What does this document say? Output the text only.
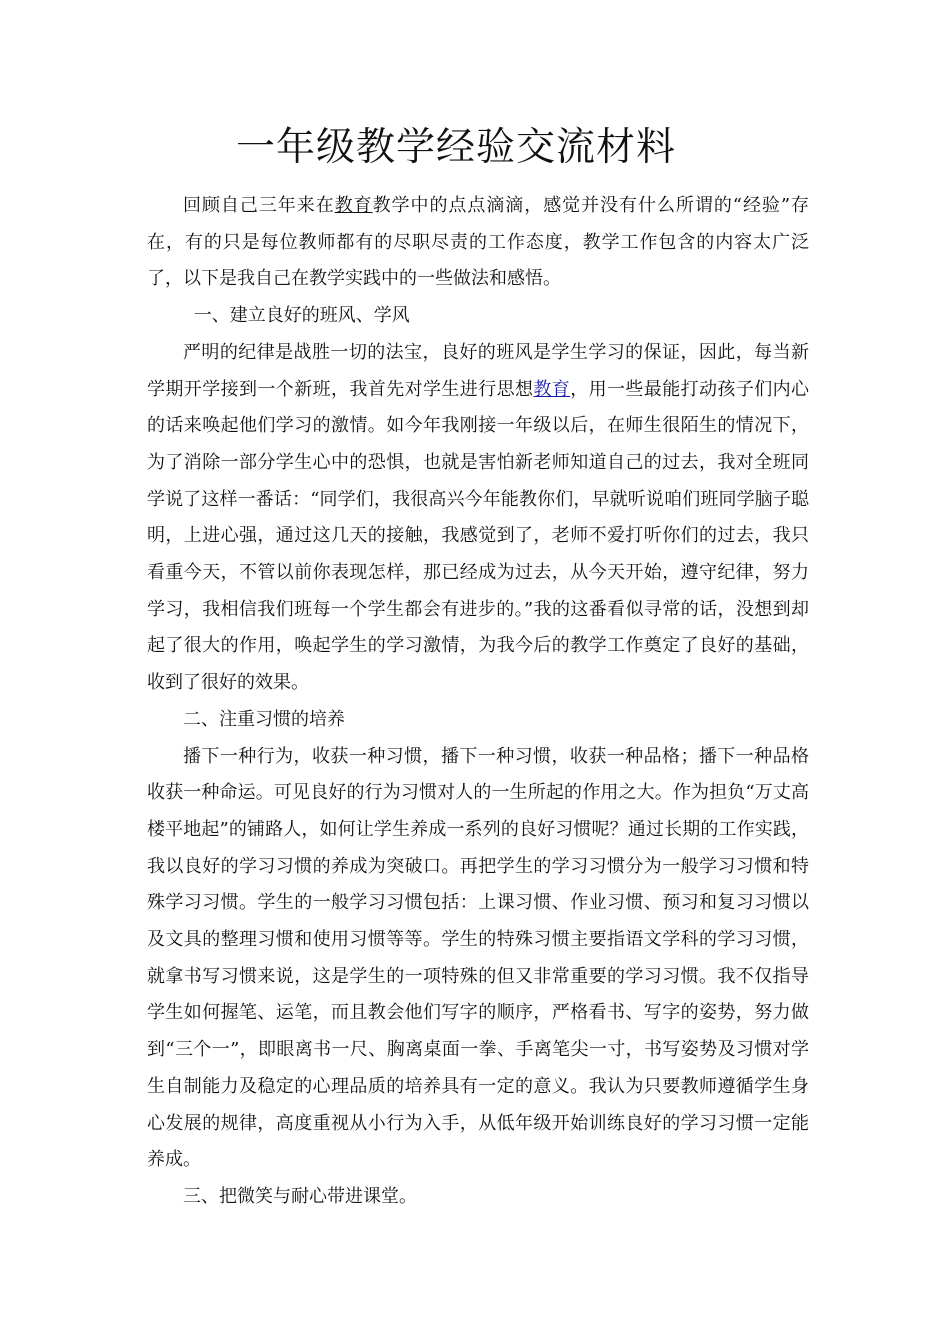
一年级教学经验交流材料

回顾自己三年来在教育教学中的点点滴滴，感觉并没有什么所谓的“经验”存在，有的只是每位教师都有的尽职尽责的工作态度，教学工作包含的内容太广泛了，以下是我自己在教学实践中的一些做法和感悟。

一、建立良好的班风、学风

严明的纪律是战胜一切的法宝，良好的班风是学生学习的保证，因此，每当新学期开学接到一个新班，我首先对学生进行思想教育，用一些最能打动孩子们内心的话来唤起他们学习的激情。如今年我刚接一年级以后，在师生很陌生的情况下，为了消除一部分学生心中的恐惧，也就是害怕新老师知道自己的过去，我对全班同学说了这样一番话：“同学们，我很高兴今年能教你们，早就听说咱们班同学脑子聪明，上进心强，通过这几天的接触，我感觉到了，老师不爱打听你们的过去，我只看重今天，不管以前你表现怎样，那已经成为过去，从今天开始，遵守纪律，努力学习，我相信我们班每一个学生都会有进步的。”我的这番看似寻常的话，没想到却起了很大的作用，唤起学生的学习激情，为我今后的教学工作奠定了良好的基础，收到了很好的效果。

二、注重习惯的培养

播下一种行为，收获一种习惯，播下一种习惯，收获一种品格；播下一种品格收获一种命运。可见良好的行为习惯对人的一生所起的作用之大。作为担负“万丈高楼平地起”的铺路人，如何让学生养成一系列的良好习惯呢？通过长期的工作实践，我以良好的学习习惯的养成为突破口。再把学生的学习习惯分为一般学习习惯和特殊学习习惯。学生的一般学习习惯包括：上课习惯、作业习惯、预习和复习习惯以及文具的整理习惯和使用习惯等等。学生的特殊习惯主要指语文学科的学习习惯，就拿书写习惯来说，这是学生的一项特殊的但又非常重要的学习习惯。我不仅指导学生如何握笔、运笔，而且教会他们写字的顺序，严格看书、写字的姿势，努力做到“三个一”，即眼离书一尺、胸离桌面一拳、手离笔尖一寸，书写姿势及习惯对学生自制能力及稳定的心理品质的培养具有一定的意义。我认为只要教师遵循学生身心发展的规律，高度重视从小行为入手，从低年级开始训练良好的学习习惯一定能养成。

三、把微笑与耐心带进课堂。
